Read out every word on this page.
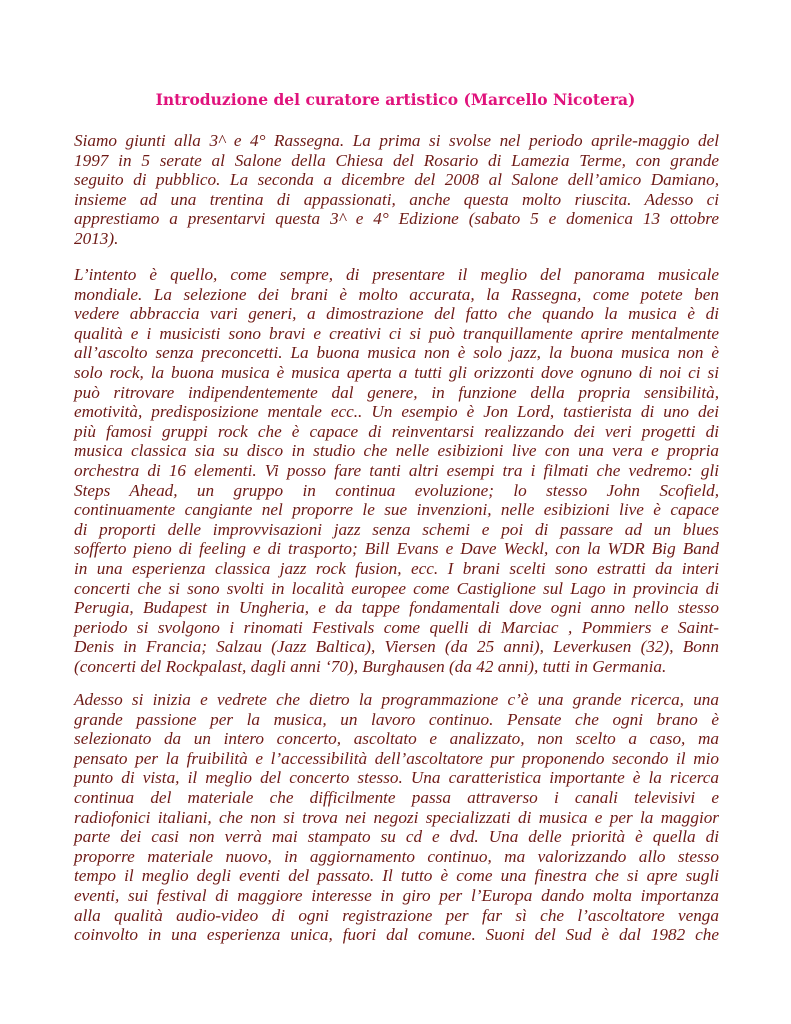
Introduzione del curatore artistico (Marcello Nicotera)
Siamo giunti alla 3^ e 4° Rassegna. La prima si svolse nel periodo aprile-maggio del
1997 in 5 serate al Salone della Chiesa del Rosario di Lamezia Terme, con grande
seguito di pubblico. La seconda a dicembre del 2008 al Salone dell’amico Damiano,
insieme ad una trentina di appassionati, anche questa molto riuscita. Adesso ci
apprestiamo a presentarvi questa 3^ e 4° Edizione (sabato 5 e domenica 13 ottobre
2013).
L’intento è quello, come sempre, di presentare il meglio del panorama musicale
mondiale. La selezione dei brani è molto accurata, la Rassegna, come potete ben
vedere abbraccia vari generi, a dimostrazione del fatto che quando la musica è di
qualità e i musicisti sono bravi e creativi ci si può tranquillamente aprire mentalmente
all’ascolto senza preconcetti. La buona musica non è solo jazz, la buona musica non è
solo rock, la buona musica è musica aperta a tutti gli orizzonti dove ognuno di noi ci si
può ritrovare indipendentemente dal genere, in funzione della propria sensibilità,
emotività, predisposizione mentale ecc.. Un esempio è Jon Lord, tastierista di uno dei
più famosi gruppi rock che è capace di reinventarsi realizzando dei veri progetti di
musica classica sia su disco in studio che nelle esibizioni live con una vera e propria
orchestra di 16 elementi. Vi posso fare tanti altri esempi tra i filmati che vedremo: gli
Steps Ahead, un gruppo in continua evoluzione; lo stesso John Scofield,
continuamente cangiante nel proporre le sue invenzioni, nelle esibizioni live è capace
di proporti delle improvvisazioni jazz senza schemi e poi di passare ad un blues
sofferto pieno di feeling e di trasporto; Bill Evans e Dave Weckl, con la WDR Big Band
in una esperienza classica jazz rock fusion, ecc. I brani scelti sono estratti da interi
concerti che si sono svolti in località europee come Castiglione sul Lago in provincia di
Perugia, Budapest in Ungheria, e da tappe fondamentali dove ogni anno nello stesso
periodo si svolgono i rinomati Festivals come quelli di Marciac , Pommiers e Saint-
Denis in Francia; Salzau (Jazz Baltica), Viersen (da 25 anni), Leverkusen (32), Bonn
(concerti del Rockpalast, dagli anni ‘70), Burghausen (da 42 anni), tutti in Germania.
Adesso si inizia e vedrete che dietro la programmazione c’è una grande ricerca, una
grande passione per la musica, un lavoro continuo. Pensate che ogni brano è
selezionato da un intero concerto, ascoltato e analizzato, non scelto a caso, ma
pensato per la fruibilità e l’accessibilità dell’ascoltatore pur proponendo secondo il mio
punto di vista, il meglio del concerto stesso. Una caratteristica importante è la ricerca
continua del materiale che difficilmente passa attraverso i canali televisivi e
radiofonici italiani, che non si trova nei negozi specializzati di musica e per la maggior
parte dei casi non verrà mai stampato su cd e dvd. Una delle priorità è quella di
proporre materiale nuovo, in aggiornamento continuo, ma valorizzando allo stesso
tempo il meglio degli eventi del passato. Il tutto è come una finestra che si apre sugli
eventi, sui festival di maggiore interesse in giro per l’Europa dando molta importanza
alla qualità audio-video di ogni registrazione per far sì che l’ascoltatore venga
coinvolto in una esperienza unica, fuori dal comune. Suoni del Sud è dal 1982 che
